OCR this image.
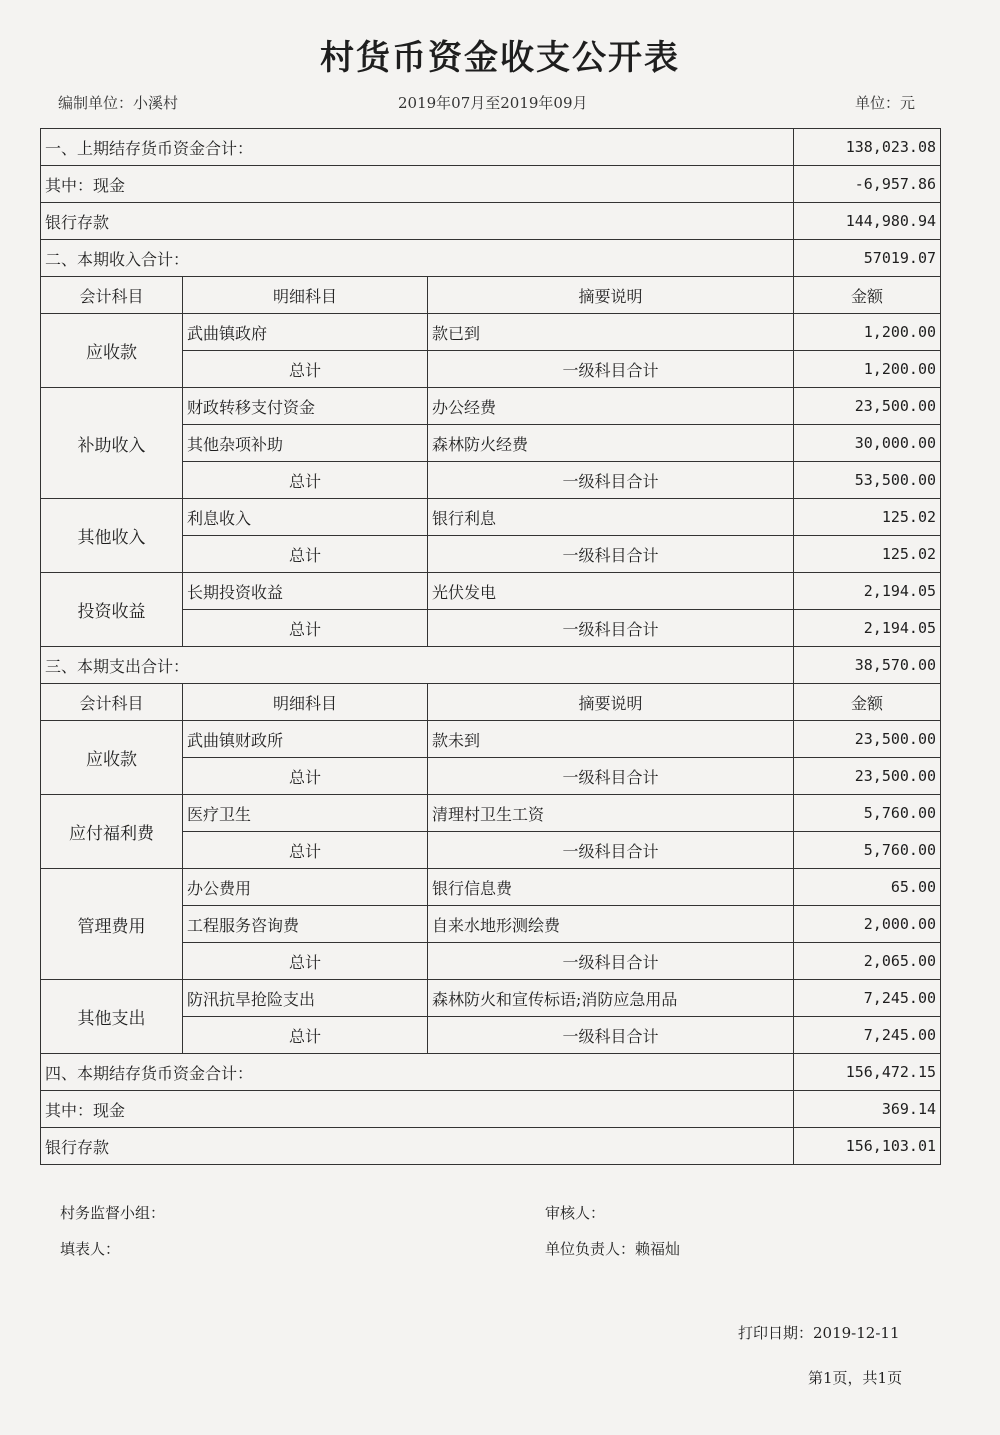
村货币资金收支公开表
编制单位：小溪村	2019年07月至2019年09月	单位：元
一、上期结存货币资金合计：			138,023.08
其中：现金			-6,957.86
银行存款			144,980.94
二、本期收入合计：			57019.07
会计科目	明细科目	摘要说明	金额
应收款	武曲镇政府	款已到	1,200.00
	总计	一级科目合计	1,200.00
补助收入	财政转移支付资金	办公经费	23,500.00
	其他杂项补助	森林防火经费	30,000.00
	总计	一级科目合计	53,500.00
其他收入	利息收入	银行利息	125.02
	总计	一级科目合计	125.02
投资收益	长期投资收益	光伏发电	2,194.05
	总计	一级科目合计	2,194.05
三、本期支出合计：			38,570.00
会计科目	明细科目	摘要说明	金额
应收款	武曲镇财政所	款未到	23,500.00
	总计	一级科目合计	23,500.00
应付福利费	医疗卫生	清理村卫生工资	5,760.00
	总计	一级科目合计	5,760.00
管理费用	办公费用	银行信息费	65.00
	工程服务咨询费	自来水地形测绘费	2,000.00
	总计	一级科目合计	2,065.00
其他支出	防汛抗旱抢险支出	森林防火和宣传标语;消防应急用品	7,245.00
	总计	一级科目合计	7,245.00
四、本期结存货币资金合计：			156,472.15
其中：现金			369.14
银行存款			156,103.01
村务监督小组：	审核人：
填表人：	单位负责人：赖福灿
打印日期：2019-12-11
第1页，共1页
